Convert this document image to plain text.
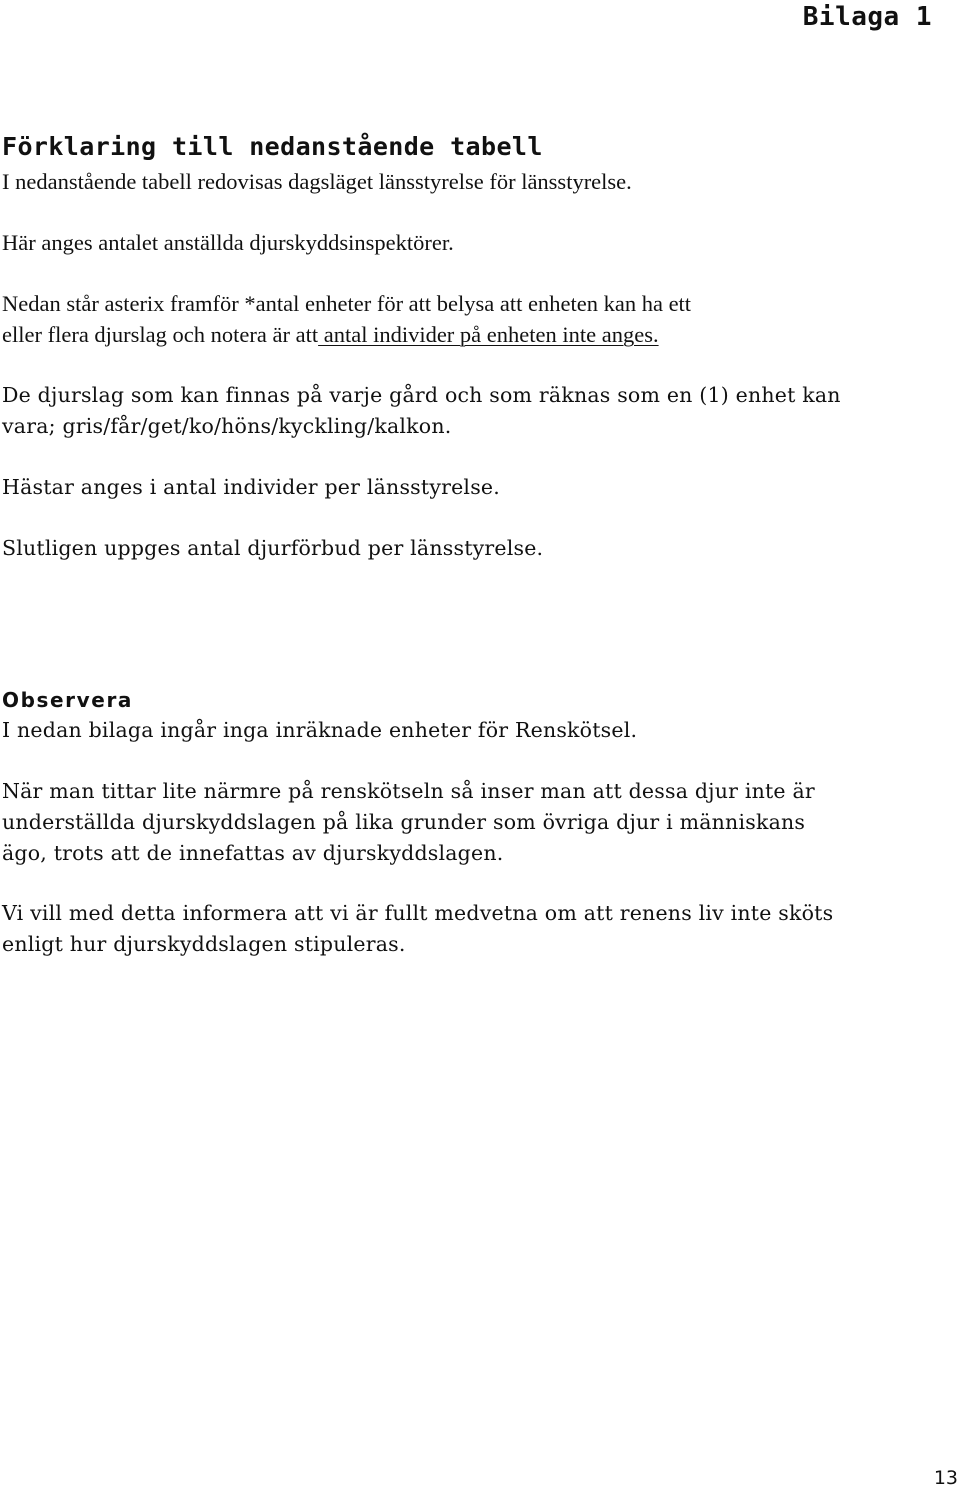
Bilaga 1
Förklaring till nedanstående tabell

I nedanstående tabell redovisas dagsläget länsstyrelse för länsstyrelse.

Här anges antalet anställda djurskyddsinspektörer.

Nedan står asterix framför *antal enheter för att belysa att enheten kan ha ett
eller flera djurslag och notera är att antal individer på enheten inte anges.
De djurslag som kan finnas på varje gård och som räknas som en (1) enhet kan
vara; gris/får/get/ko/höns/kyckling/kalkon.

Hästar anges i antal individer per länsstyrelse.

Slutligen uppges antal djurförbud per länsstyrelse.

Observera

I nedan bilaga ingår inga inräknade enheter för Renskötsel.

När man tittar lite närmre på renskötseln så inser man att dessa djur inte är
underställda djurskyddslagen på lika grunder som övriga djur i människans
ägo, trots att de innefattas av djurskyddslagen.
Vi vill med detta informera att vi är fullt medvetna om att renens liv inte sköts
enligt hur djurskyddslagen stipuleras.
13
